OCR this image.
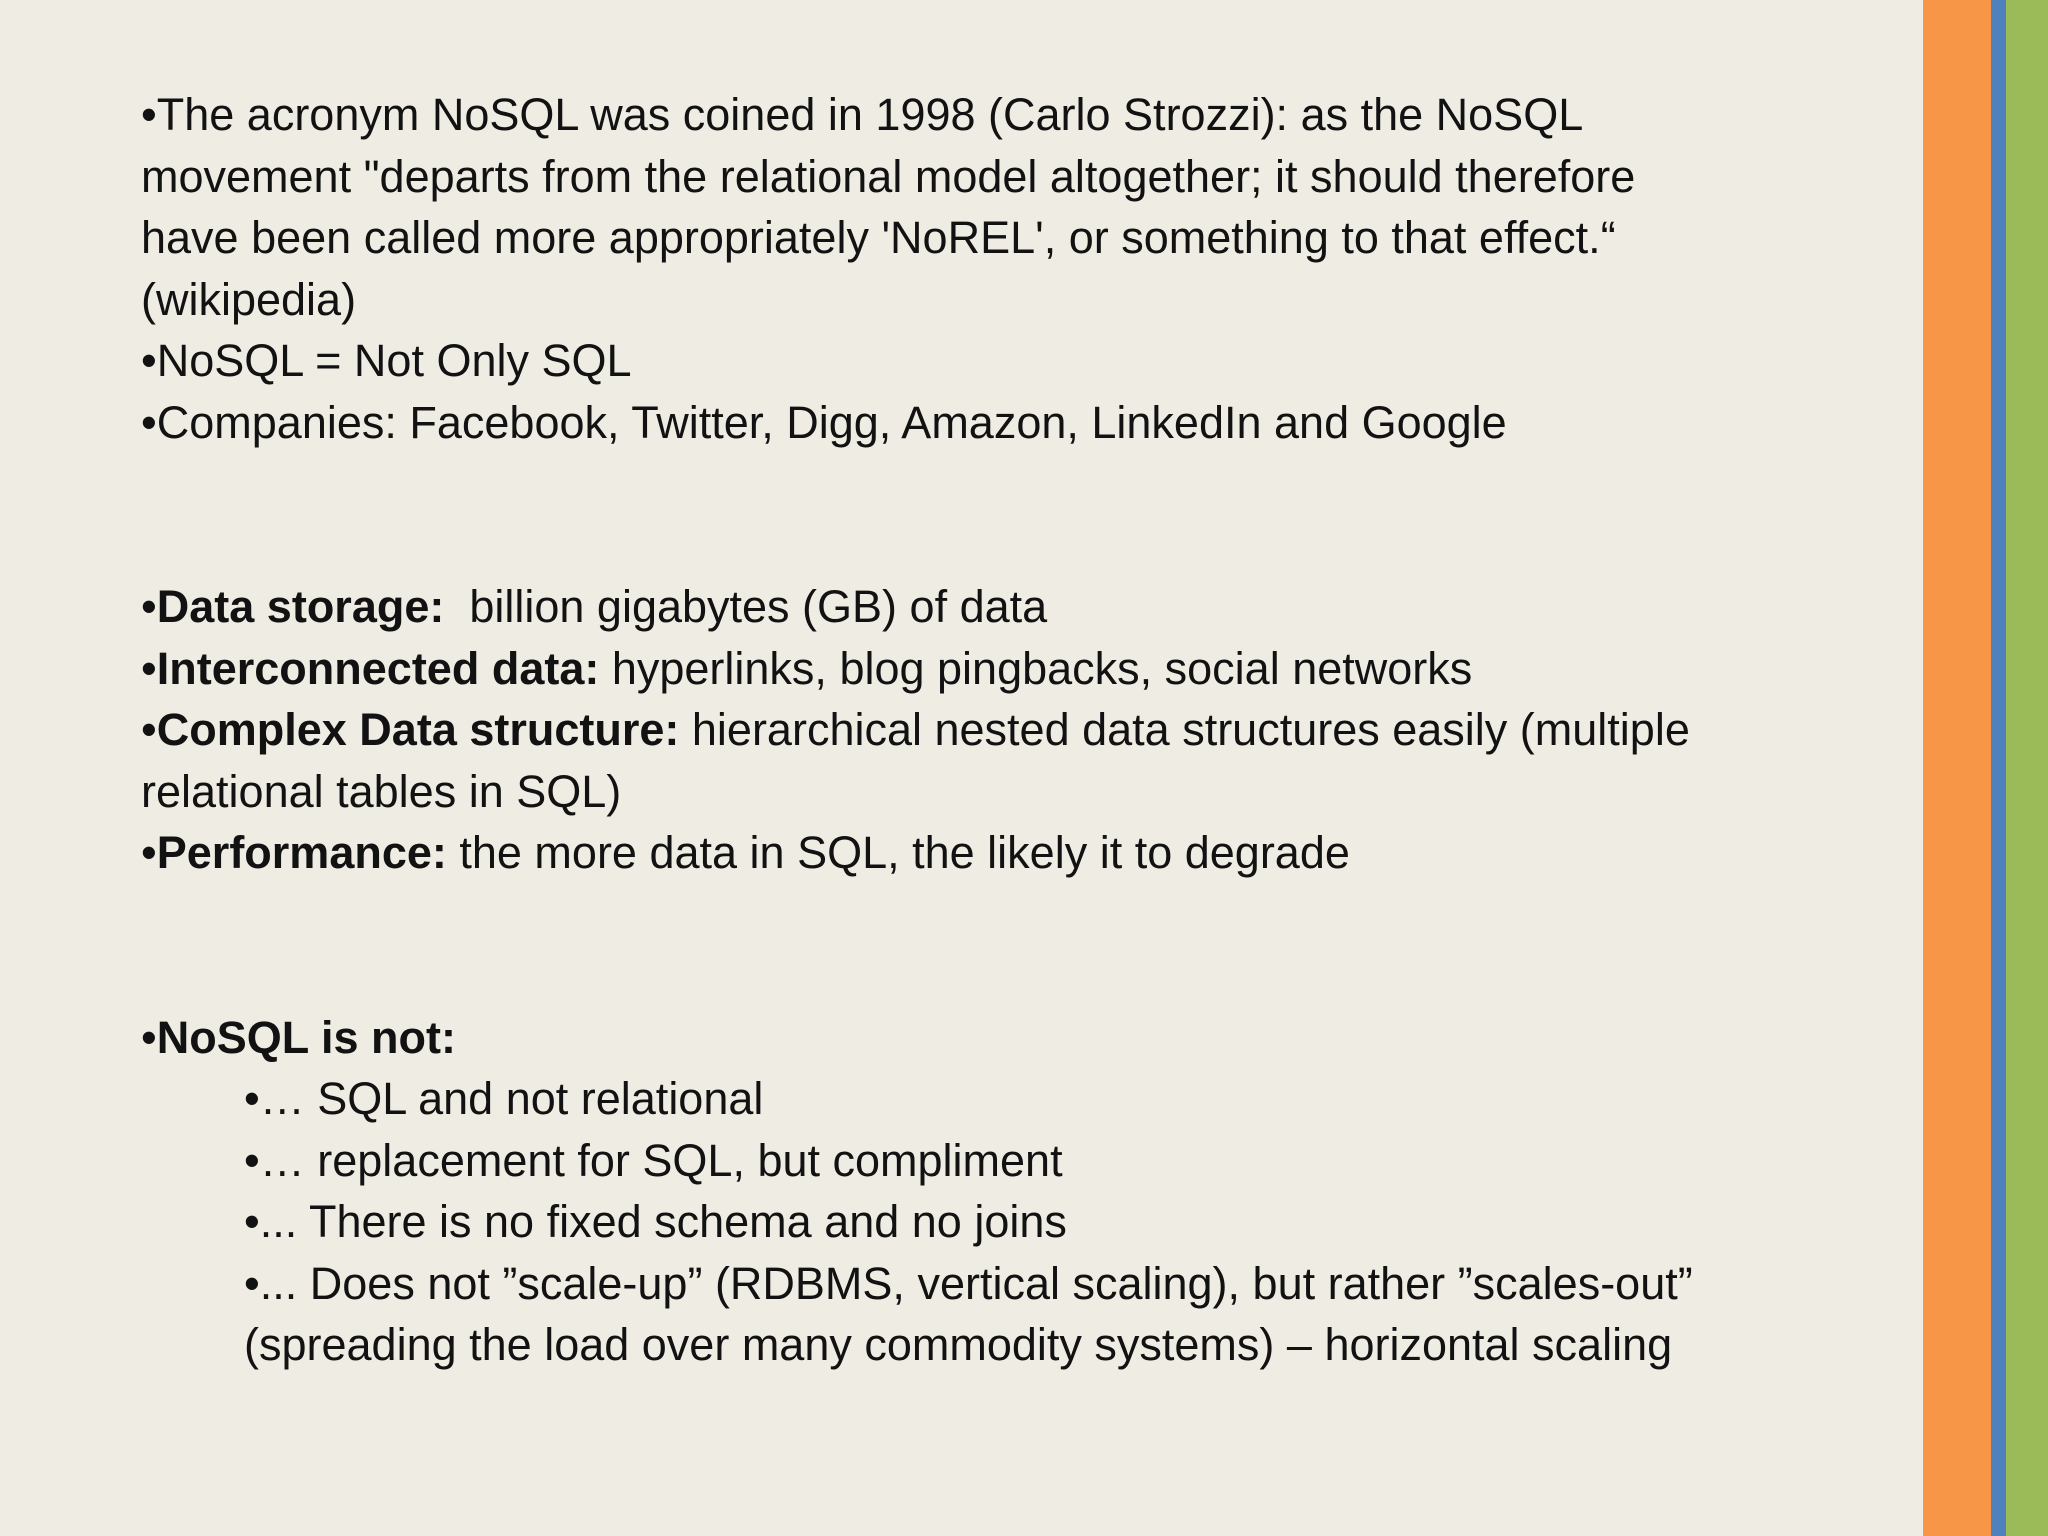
•The acronym NoSQL was coined in 1998 (Carlo Strozzi): as the NoSQL movement "departs from the relational model altogether; it should therefore have been called more appropriately 'NoREL', or something to that effect.“ (wikipedia)

•NoSQL = Not Only SQL

•Companies: Facebook, Twitter, Digg, Amazon, LinkedIn and Google

•Data storage:  billion gigabytes (GB) of data

•Interconnected data: hyperlinks, blog pingbacks, social networks

•Complex Data structure: hierarchical nested data structures easily (multiple relational tables in SQL)

•Performance: the more data in SQL, the likely it to degrade

•NoSQL is not:

•… SQL and not relational

•… replacement for SQL, but compliment

•... There is no fixed schema and no joins

•... Does not ”scale-up” (RDBMS, vertical scaling), but rather ”scales-out” (spreading the load over many commodity systems) – horizontal scaling
